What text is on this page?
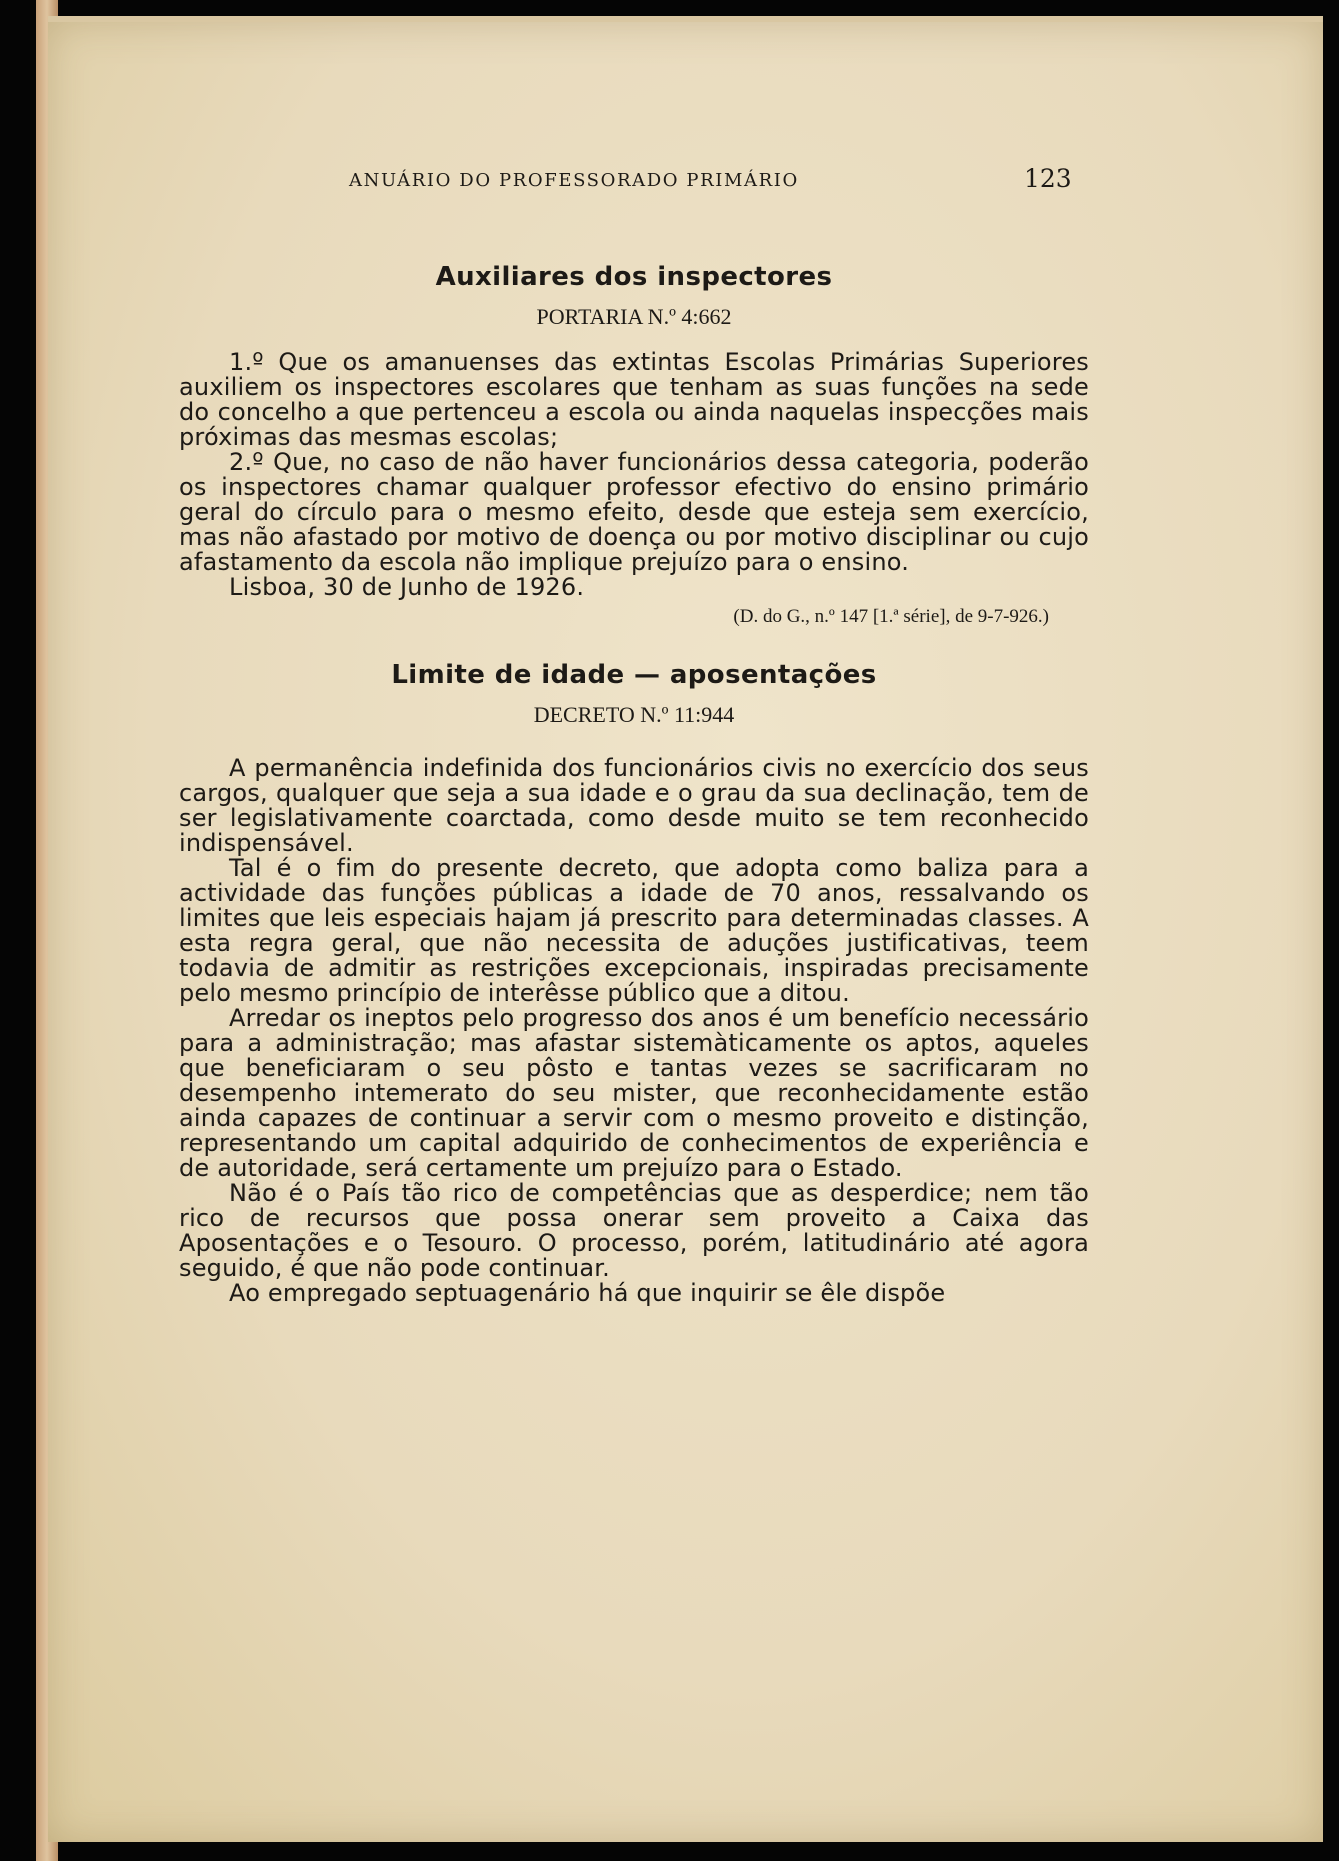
ANUÁRIO DO PROFESSORADO PRIMÁRIO	123
Auxiliares dos inspectores

PORTARIA N.º 4:662

1.º Que os amanuenses das extintas Escolas Primárias Superiores auxiliem os inspectores escolares que tenham as suas funções na sede do concelho a que pertenceu a escola ou ainda naquelas inspecções mais próximas das mesmas escolas;

2.º Que, no caso de não haver funcionários dessa categoria, poderão os inspectores chamar qualquer professor efectivo do ensino primário geral do círculo para o mesmo efeito, desde que esteja sem exercício, mas não afastado por motivo de doença ou por motivo disciplinar ou cujo afastamento da escola não implique prejuízo para o ensino.

Lisboa, 30 de Junho de 1926.

(D. do G., n.º 147 [1.ª série], de 9-7-926.)

Limite de idade — aposentações

DECRETO N.º 11:944

A permanência indefinida dos funcionários civis no exercício dos seus cargos, qualquer que seja a sua idade e o grau da sua declinação, tem de ser legislativamente coarctada, como desde muito se tem reconhecido indispensável.

Tal é o fim do presente decreto, que adopta como baliza para a actividade das funções públicas a idade de 70 anos, ressalvando os limites que leis especiais hajam já prescrito para determinadas classes. A esta regra geral, que não necessita de aduções justificativas, teem todavia de admitir as restrições excepcionais, inspiradas precisamente pelo mesmo princípio de interêsse público que a ditou.

Arredar os ineptos pelo progresso dos anos é um benefício necessário para a administração; mas afastar sistemàticamente os aptos, aqueles que beneficiaram o seu pôsto e tantas vezes se sacrificaram no desempenho intemerato do seu mister, que reconhecidamente estão ainda capazes de continuar a servir com o mesmo proveito e distinção, representando um capital adquirido de conhecimentos de experiência e de autoridade, será certamente um prejuízo para o Estado.

Não é o País tão rico de competências que as desperdice; nem tão rico de recursos que possa onerar sem proveito a Caixa das Aposentações e o Tesouro. O processo, porém, latitudinário até agora seguido, é que não pode continuar.

Ao empregado septuagenário há que inquirir se êle dispõe
